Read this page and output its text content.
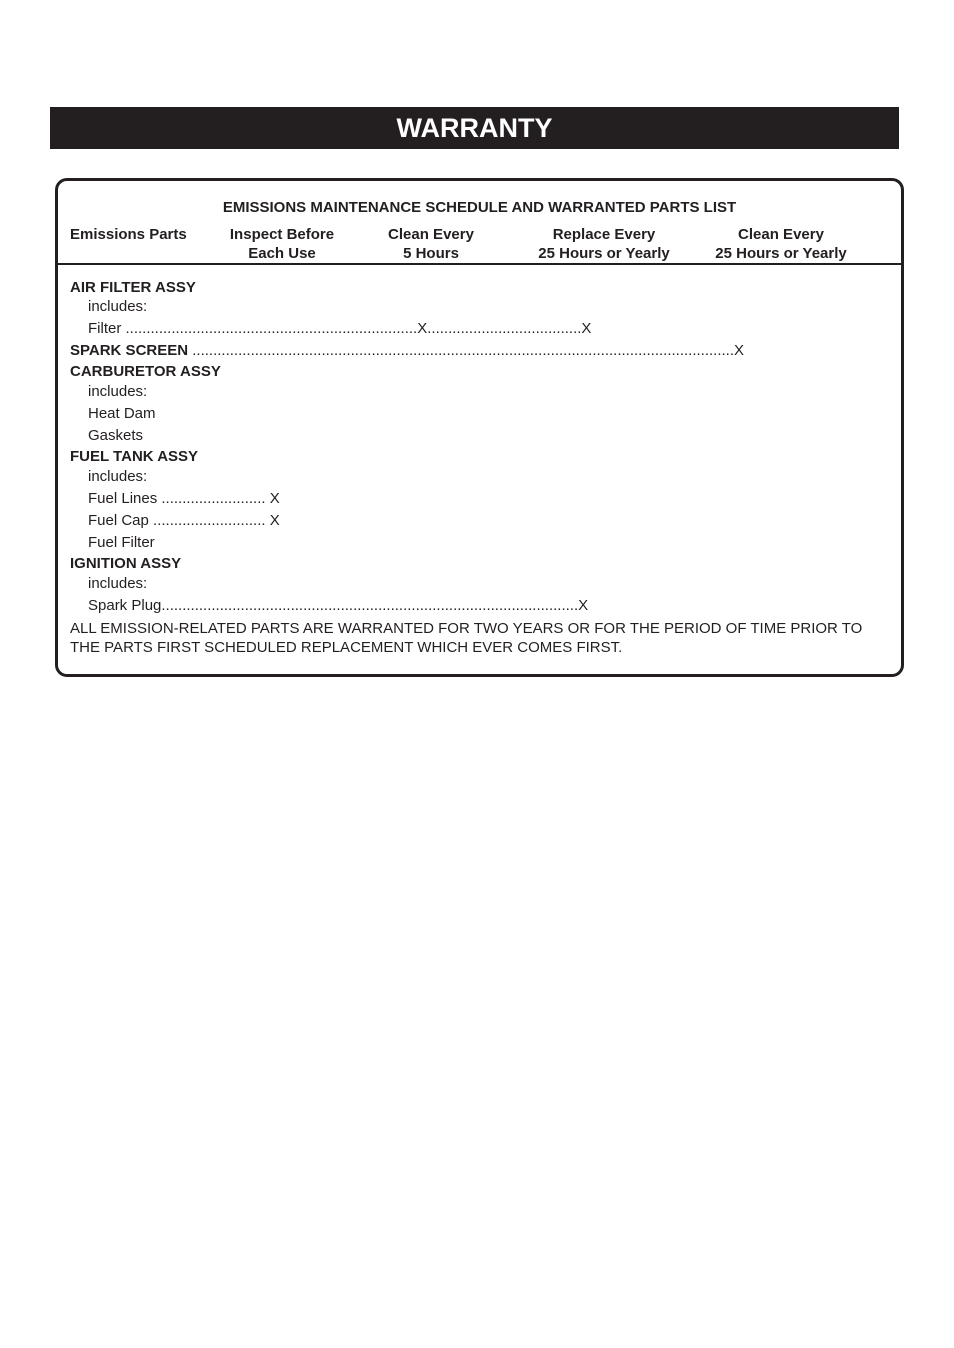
WARRANTY
EMISSIONS MAINTENANCE SCHEDULE AND WARRANTED PARTS LIST
Emissions Parts	Inspect Before
Each Use
Clean Every
5 Hours
Replace Every
25 Hours or Yearly
Clean Every
25 Hours or Yearly
AIR FILTER ASSY
includes:
Filter ......................................................................X.....................................X
SPARK SCREEN ..................................................................................................................................X
CARBURETOR ASSY
includes:
Heat Dam
Gaskets
FUEL TANK ASSY
includes:
Fuel Lines ......................... X
Fuel Cap ........................... X
Fuel Filter
IGNITION ASSY
includes:
Spark Plug....................................................................................................X
ALL EMISSION-RELATED PARTS ARE WARRANTED FOR TWO YEARS OR FOR THE PERIOD OF TIME PRIOR TO THE PARTS FIRST SCHEDULED REPLACEMENT WHICH EVER COMES FIRST.
